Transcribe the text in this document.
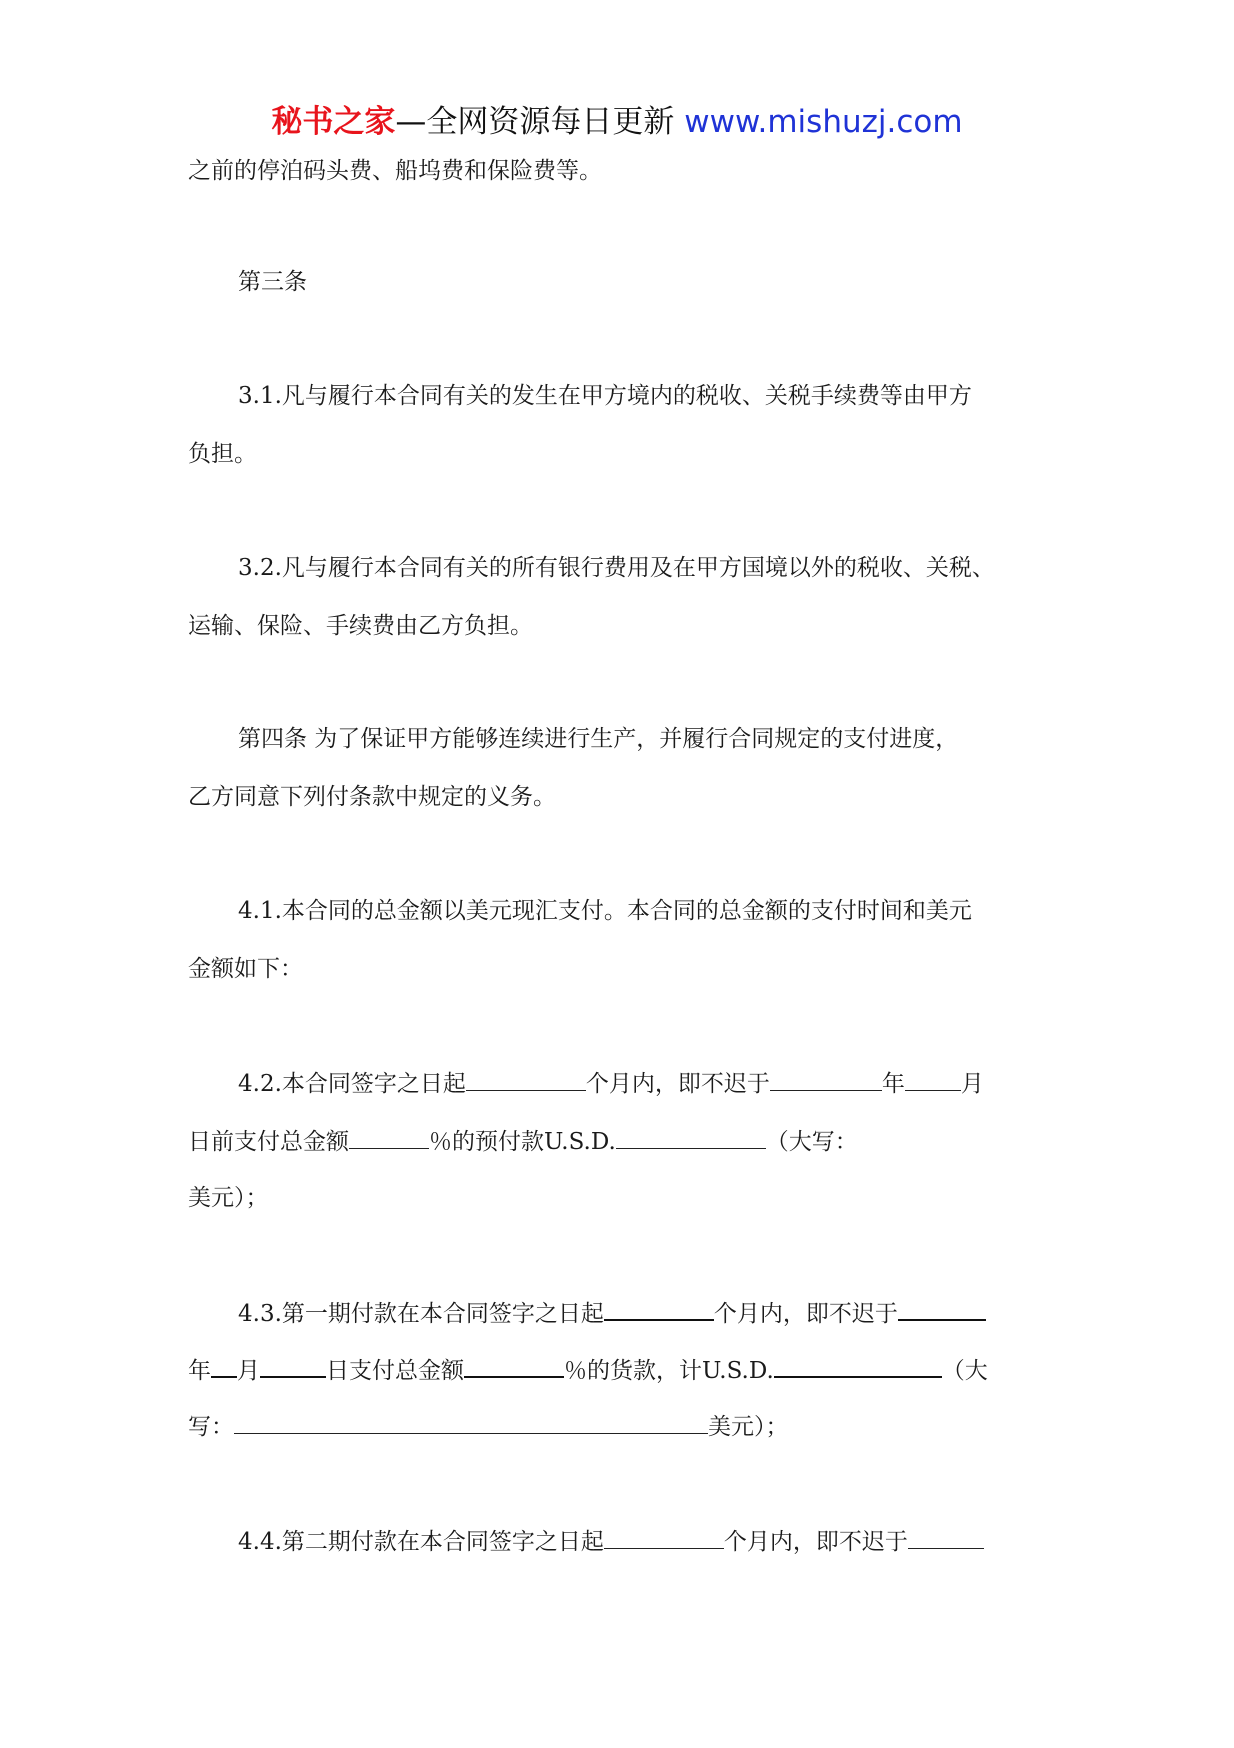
秘书之家—全网资源每日更新 www.mishuzj.com
之前的停泊码头费、船坞费和保险费等。
第三条
3.1.凡与履行本合同有关的发生在甲方境内的税收、关税手续费等由甲方
负担。
3.2.凡与履行本合同有关的所有银行费用及在甲方国境以外的税收、关税、
运输、保险、手续费由乙方负担。
第四条 为了保证甲方能够连续进行生产，并履行合同规定的支付进度，
乙方同意下列付条款中规定的义务。
4.1.本合同的总金额以美元现汇支付。本合同的总金额的支付时间和美元
金额如下：
4.2.本合同签字之日起	个月内，即不迟于	年 月
日前支付总金额	％的预付款U.S.D.	（大写：
美元）；
4.3.第一期付款在本合同签字之日起	个月内，即不迟于
年 月	日支付总金额	％的货款，计U.S.D.	（大
写：	美元）；
4.4.第二期付款在本合同签字之日起	个月内，即不迟于
